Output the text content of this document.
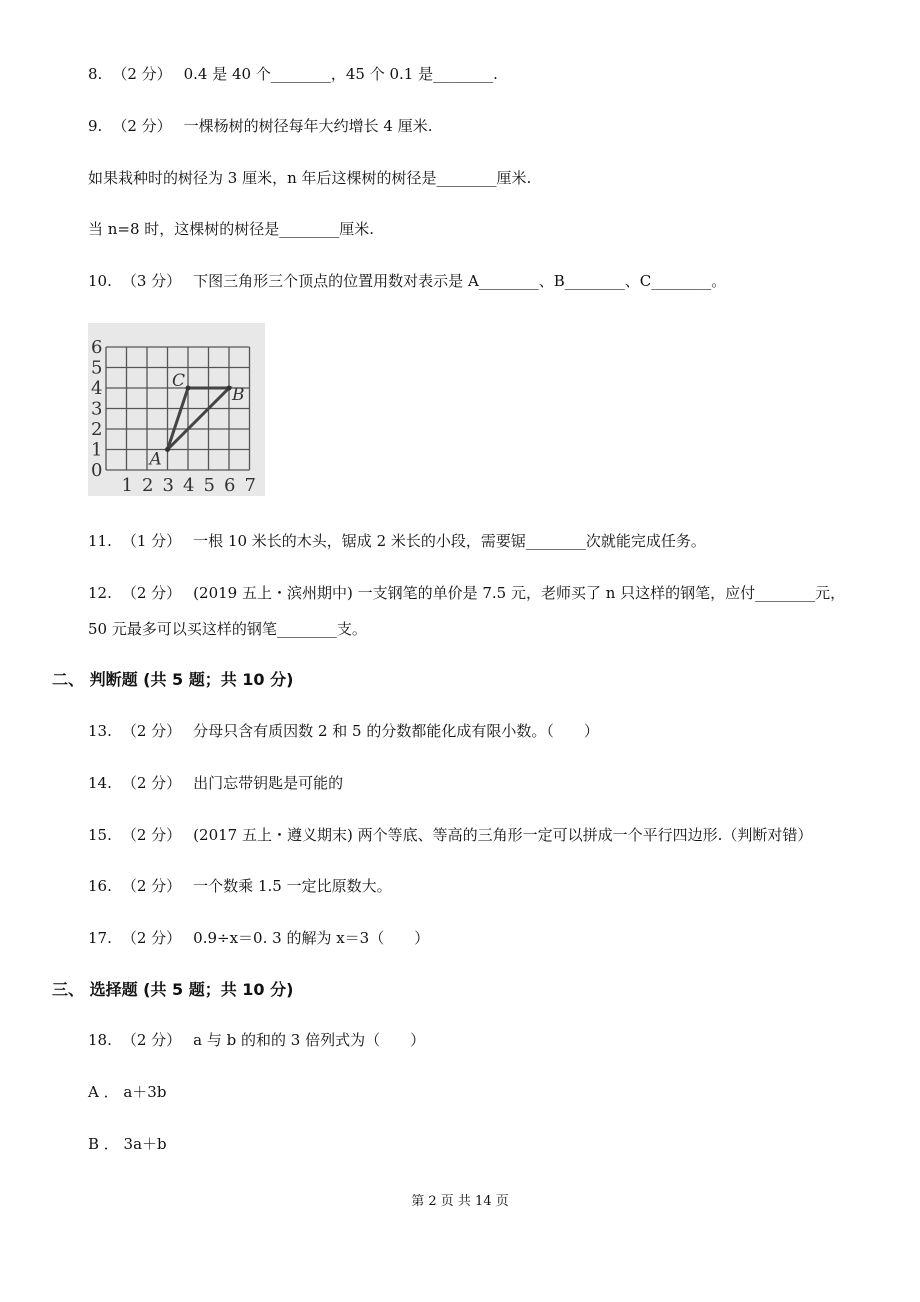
8. （2 分） 0.4 是 40 个________，45 个 0.1 是________.
9. （2 分） 一棵杨树的树径每年大约增长 4 厘米.
如果栽种时的树径为 3 厘米，n 年后这棵树的树径是________厘米.
当 n=8 时，这棵树的树径是________厘米.
10. （3 分） 下图三角形三个顶点的位置用数对表示是 A________、B________、C________。
0
1
2
3
4
5
6
1 2 3 4 5 6 7
A
B
C
11. （1 分） 一根 10 米长的木头，锯成 2 米长的小段，需要锯________次就能完成任务。
12. （2 分） (2019 五上・滨州期中) 一支钢笔的单价是 7.5 元，老师买了 n 只这样的钢笔，应付________元，
50 元最多可以买这样的钢笔________支。
二、 判断题 (共 5 题；共 10 分)
13. （2 分） 分母只含有质因数 2 和 5 的分数都能化成有限小数。（　　）
14. （2 分） 出门忘带钥匙是可能的
15. （2 分） (2017 五上・遵义期末) 两个等底、等高的三角形一定可以拼成一个平行四边形.（判断对错）
16. （2 分） 一个数乘 1.5 一定比原数大。
17. （2 分） 0.9÷x＝0. 3 的解为 x＝3（　　）
三、 选择题 (共 5 题；共 10 分)
18. （2 分） a 与 b 的和的 3 倍列式为（　　）
A ． a＋3b
B ． 3a＋b
第 2 页 共 14 页
